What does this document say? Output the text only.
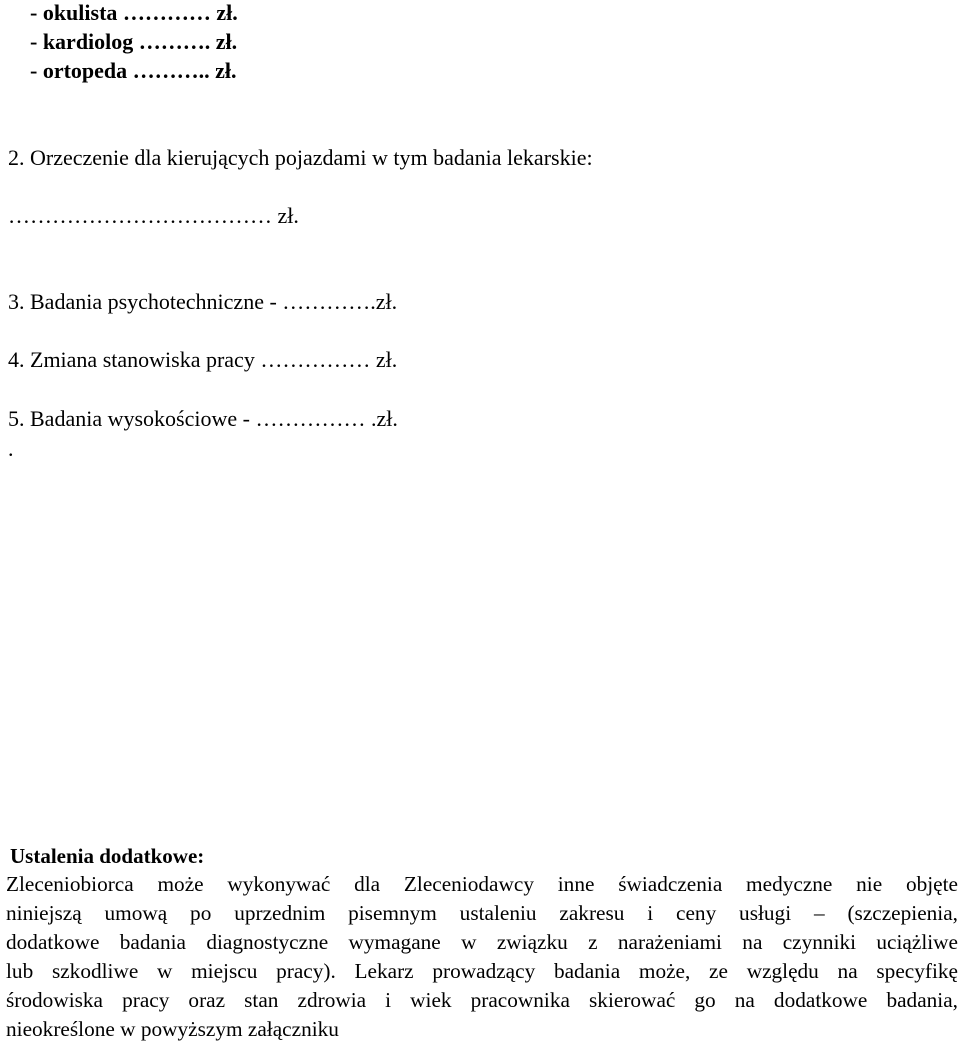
- okulista ………… zł.
- kardiolog ………. zł.
- ortopeda ……….. zł.
2. Orzeczenie dla kierujących pojazdami w tym badania lekarskie:
……………………………… zł.
3. Badania psychotechniczne - ………….zł.
4. Zmiana stanowiska pracy …………… zł.
5. Badania wysokościowe - …………… .zł.
.
Ustalenia dodatkowe:
Zleceniobiorca może wykonywać dla Zleceniodawcy inne świadczenia medyczne nie objęte
niniejszą umową po uprzednim pisemnym ustaleniu zakresu i ceny usługi – (szczepienia,
dodatkowe badania diagnostyczne wymagane w związku z narażeniami na czynniki uciążliwe
lub szkodliwe w miejscu pracy). Lekarz prowadzący badania może, ze względu na specyfikę
środowiska pracy oraz stan zdrowia i wiek pracownika skierować go na dodatkowe badania,
nieokreślone w powyższym załączniku
